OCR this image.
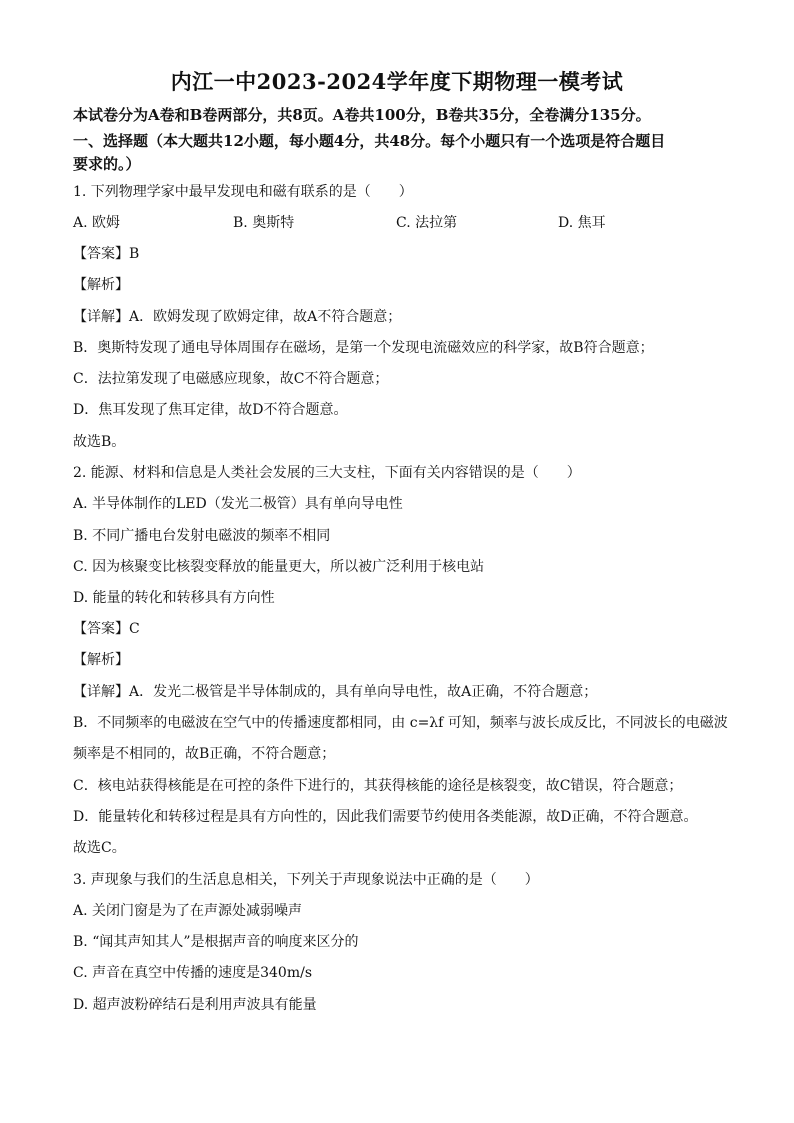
内江一中2023-2024学年度下期物理一模考试
本试卷分为A卷和B卷两部分，共8页。A卷共100分，B卷共35分，全卷满分135分。
一、选择题（本大题共12小题，每小题4分，共48分。每个小题只有一个选项是符合题目
要求的。）
1. 下列物理学家中最早发现电和磁有联系的是（　　）
A. 欧姆	B. 奥斯特	C. 法拉第	D. 焦耳
【答案】B
【解析】
【详解】A．欧姆发现了欧姆定律，故A不符合题意；
B．奥斯特发现了通电导体周围存在磁场，是第一个发现电流磁效应的科学家，故B符合题意；
C．法拉第发现了电磁感应现象，故C不符合题意；
D．焦耳发现了焦耳定律，故D不符合题意。
故选B。
2. 能源、材料和信息是人类社会发展的三大支柱，下面有关内容错误的是（　　）
A. 半导体制作的LED（发光二极管）具有单向导电性
B. 不同广播电台发射电磁波的频率不相同
C. 因为核聚变比核裂变释放的能量更大，所以被广泛利用于核电站
D. 能量的转化和转移具有方向性
【答案】C
【解析】
【详解】A．发光二极管是半导体制成的，具有单向导电性，故A正确，不符合题意；
B．不同频率的电磁波在空气中的传播速度都相同，由 c=λf 可知，频率与波长成反比，不同波长的电磁波
频率是不相同的，故B正确，不符合题意；
C．核电站获得核能是在可控的条件下进行的，其获得核能的途径是核裂变，故C错误，符合题意；
D．能量转化和转移过程是具有方向性的，因此我们需要节约使用各类能源，故D正确，不符合题意。
故选C。
3. 声现象与我们的生活息息相关，下列关于声现象说法中正确的是（　　）
A. 关闭门窗是为了在声源处减弱噪声
B. “闻其声知其人”是根据声音的响度来区分的
C. 声音在真空中传播的速度是340m/s
D. 超声波粉碎结石是利用声波具有能量
